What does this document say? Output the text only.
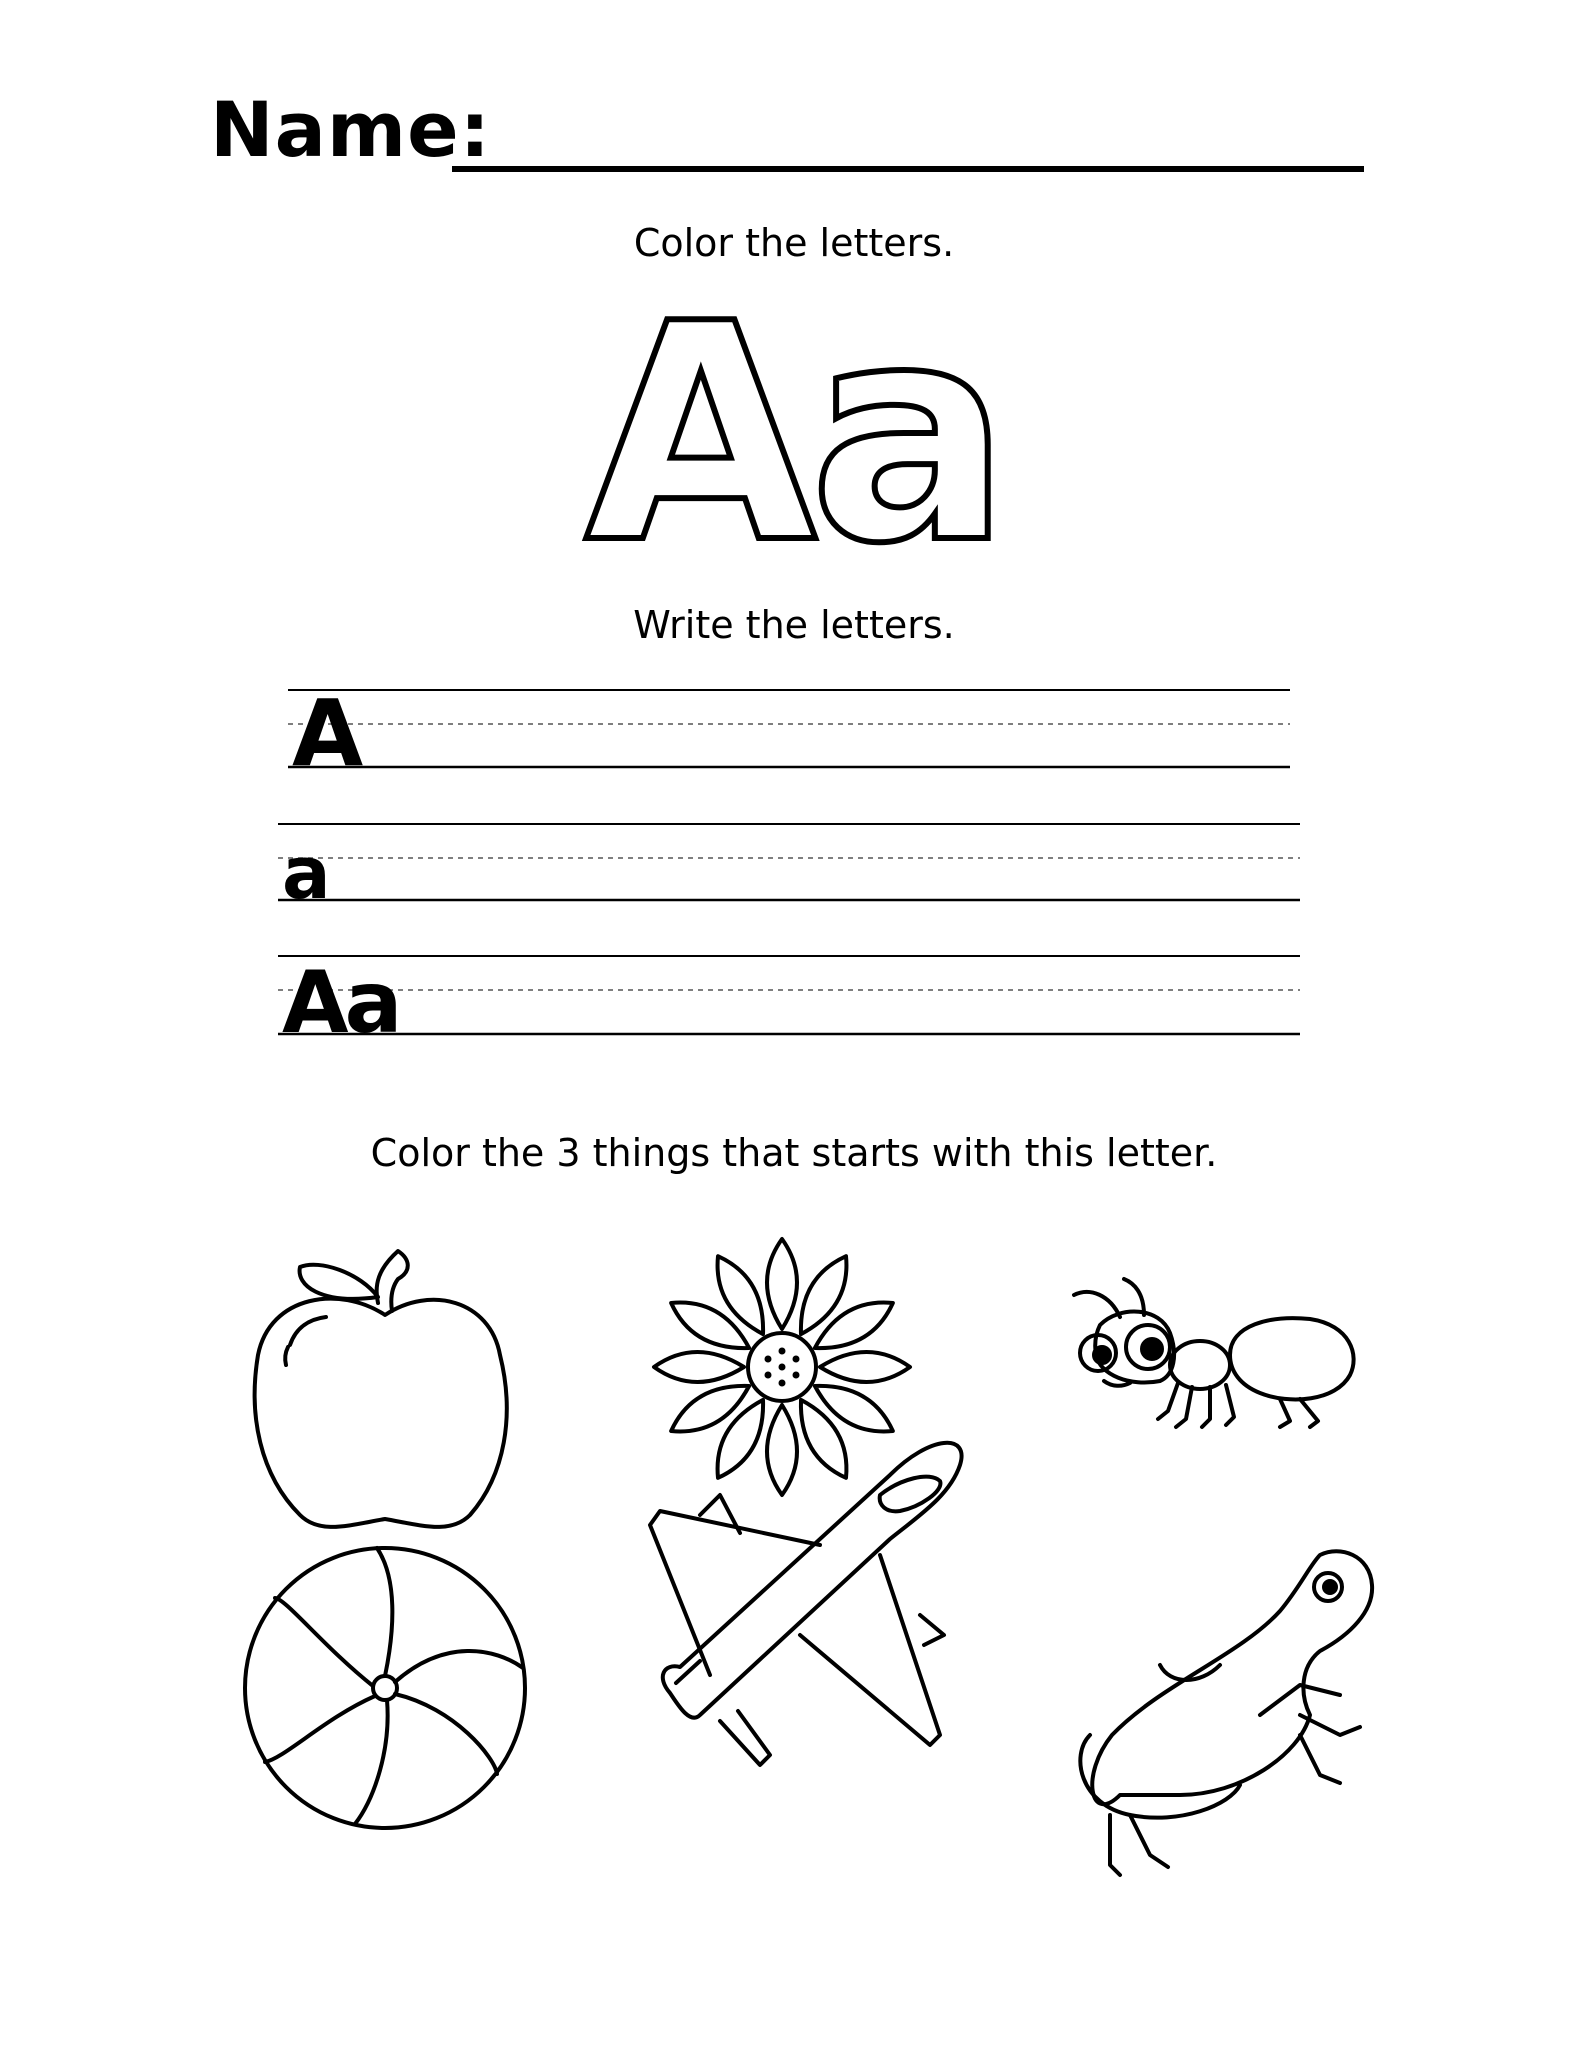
Name:
Color the letters.
Aa
Write the letters.
A
a
Aa
Color the 3 things that starts with this letter.
